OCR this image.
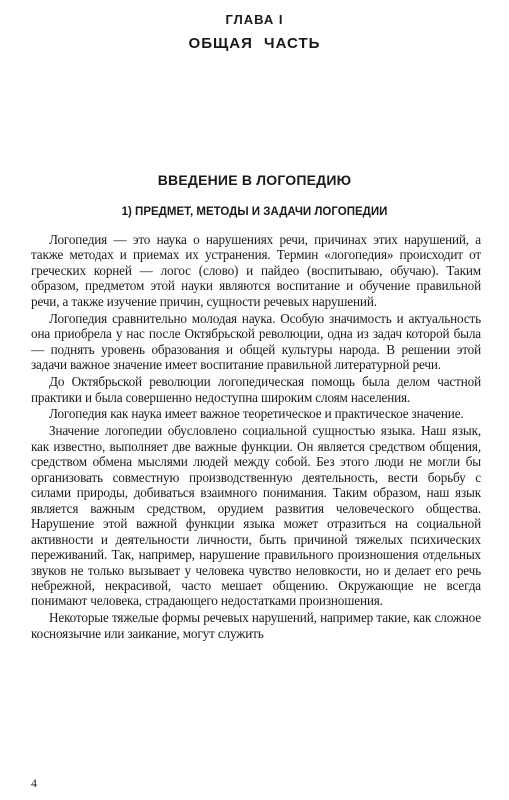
ГЛАВА I
ОБЩАЯ ЧАСТЬ
ВВЕДЕНИЕ В ЛОГОПЕДИЮ
1) ПРЕДМЕТ, МЕТОДЫ И ЗАДАЧИ ЛОГОПЕДИИ

Логопедия — это наука о нарушениях речи, причинах этих нарушений, а также методах и приемах их устранения. Термин «логопедия» происходит от греческих корней — логос (слово) и пайдео (воспитываю, обучаю). Таким образом, предметом этой науки являются воспитание и обучение правильной речи, а также изучение причин, сущности речевых нарушений.

Логопедия сравнительно молодая наука. Особую значимость и актуальность она приобрела у нас после Октябрьской революции, одна из задач которой была — поднять уровень образования и общей культуры народа. В решении этой задачи важное значение имеет воспитание правильной литературной речи.

До Октябрьской революции логопедическая помощь была делом частной практики и была совершенно недоступна широким слоям населения.

Логопедия как наука имеет важное теоретическое и практическое значение.

Значение логопедии обусловлено социальной сущностью языка. Наш язык, как известно, выполняет две важные функции. Он является средством общения, средством обмена мыслями людей между собой. Без этого люди не могли бы организовать совместную производственную деятельность, вести борьбу с силами природы, добиваться взаимного понимания. Таким образом, наш язык является важным средством, орудием развития человеческого общества. Нарушение этой важной функции языка может отразиться на социальной активности и деятельности личности, быть причиной тяжелых психических переживаний. Так, например, нарушение правильного произношения отдельных звуков не только вызывает у человека чувство неловкости, но и делает его речь небрежной, некрасивой, часто мешает общению. Окружающие не всегда понимают человека, страдающего недостатками произношения.

Некоторые тяжелые формы речевых нарушений, например такие, как сложное косноязычие или заикание, могут служить

4
